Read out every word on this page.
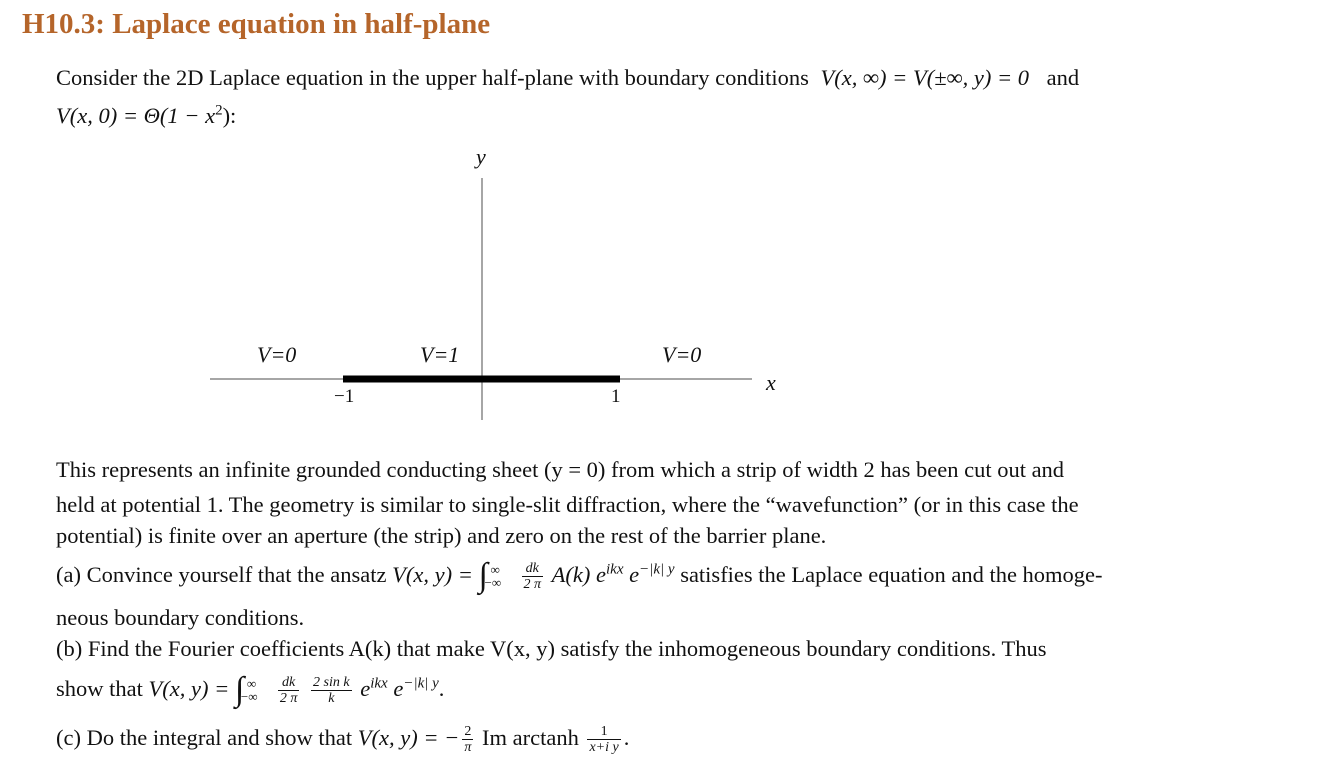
H10.3: Laplace equation in half-plane
Consider the 2D Laplace equation in the upper half-plane with boundary conditions V(x, ∞) = V(±∞, y) = 0 and
V(x, $0) = \Theta(1 - x^2)$:
y
x
V=0	V=1	V=0
−1	1
This represents an infinite grounded conducting sheet (y = 0) from which a strip of width 2 has been cut out and
held at potential 1. The geometry is similar to single-slit diffraction, where the “wavefunction” (or in this case the
potential) is finite over an aperture (the strip) and zero on the rest of the barrier plane.
(a) Convince yourself that the ansatz V(x, y) = ∫ ∞
−∞ $\frac{dk}{2 \pi} A(k)$ $e^{ikx}$ $e^{-|k| y}$ satisfies the Laplace equation and the homoge-
neous boundary conditions.
(b) Find the Fourier coefficients A(k) that make V(x, y) satisfy the inhomogeneous boundary conditions. Thus
show that V(x, y) = ∫ ∞
−∞ $\frac{dk}{2 \pi}$
$\frac{\text{2 sin k}}{k} e^{ikx}$ $e^{-|k| y}$.
(c) Do the integral and show that V(x, y) = − $\frac{2}{\pi}$ Im arctanh $\frac{1}{\text{x+i y}}$ .
